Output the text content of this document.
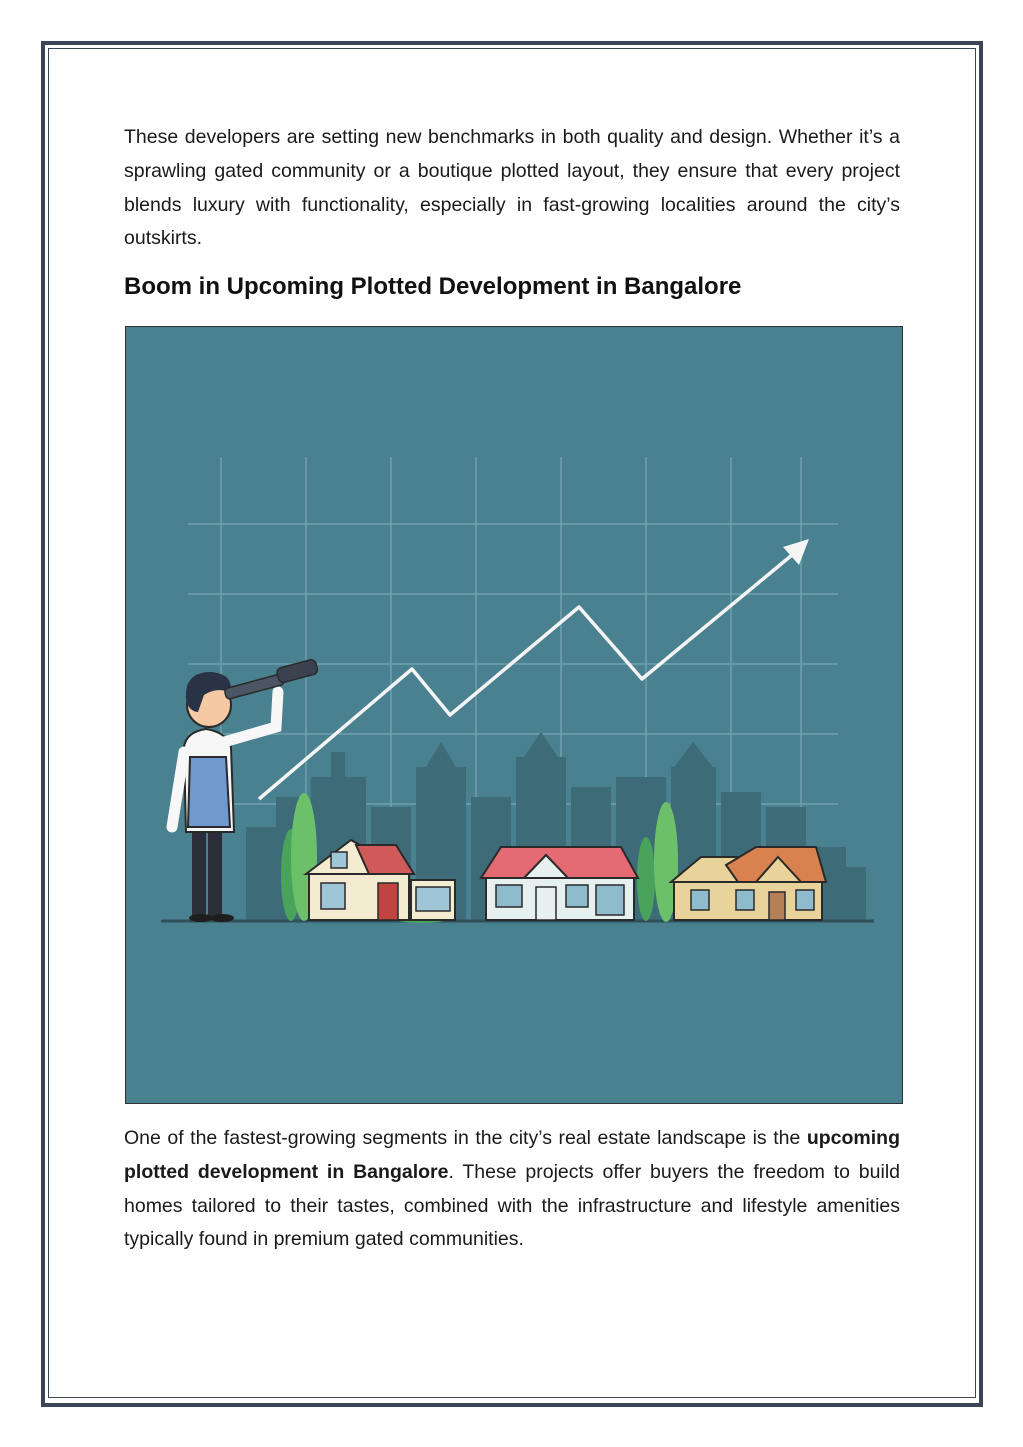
These developers are setting new benchmarks in both quality and design. Whether it’s a sprawling gated community or a boutique plotted layout, they ensure that every project blends luxury with functionality, especially in fast-growing localities around the city’s outskirts.

Boom in Upcoming Plotted Development in Bangalore

One of the fastest-growing segments in the city’s real estate landscape is the upcoming plotted development in Bangalore. These projects offer buyers the freedom to build homes tailored to their tastes, combined with the infrastructure and lifestyle amenities typically found in premium gated communities.
